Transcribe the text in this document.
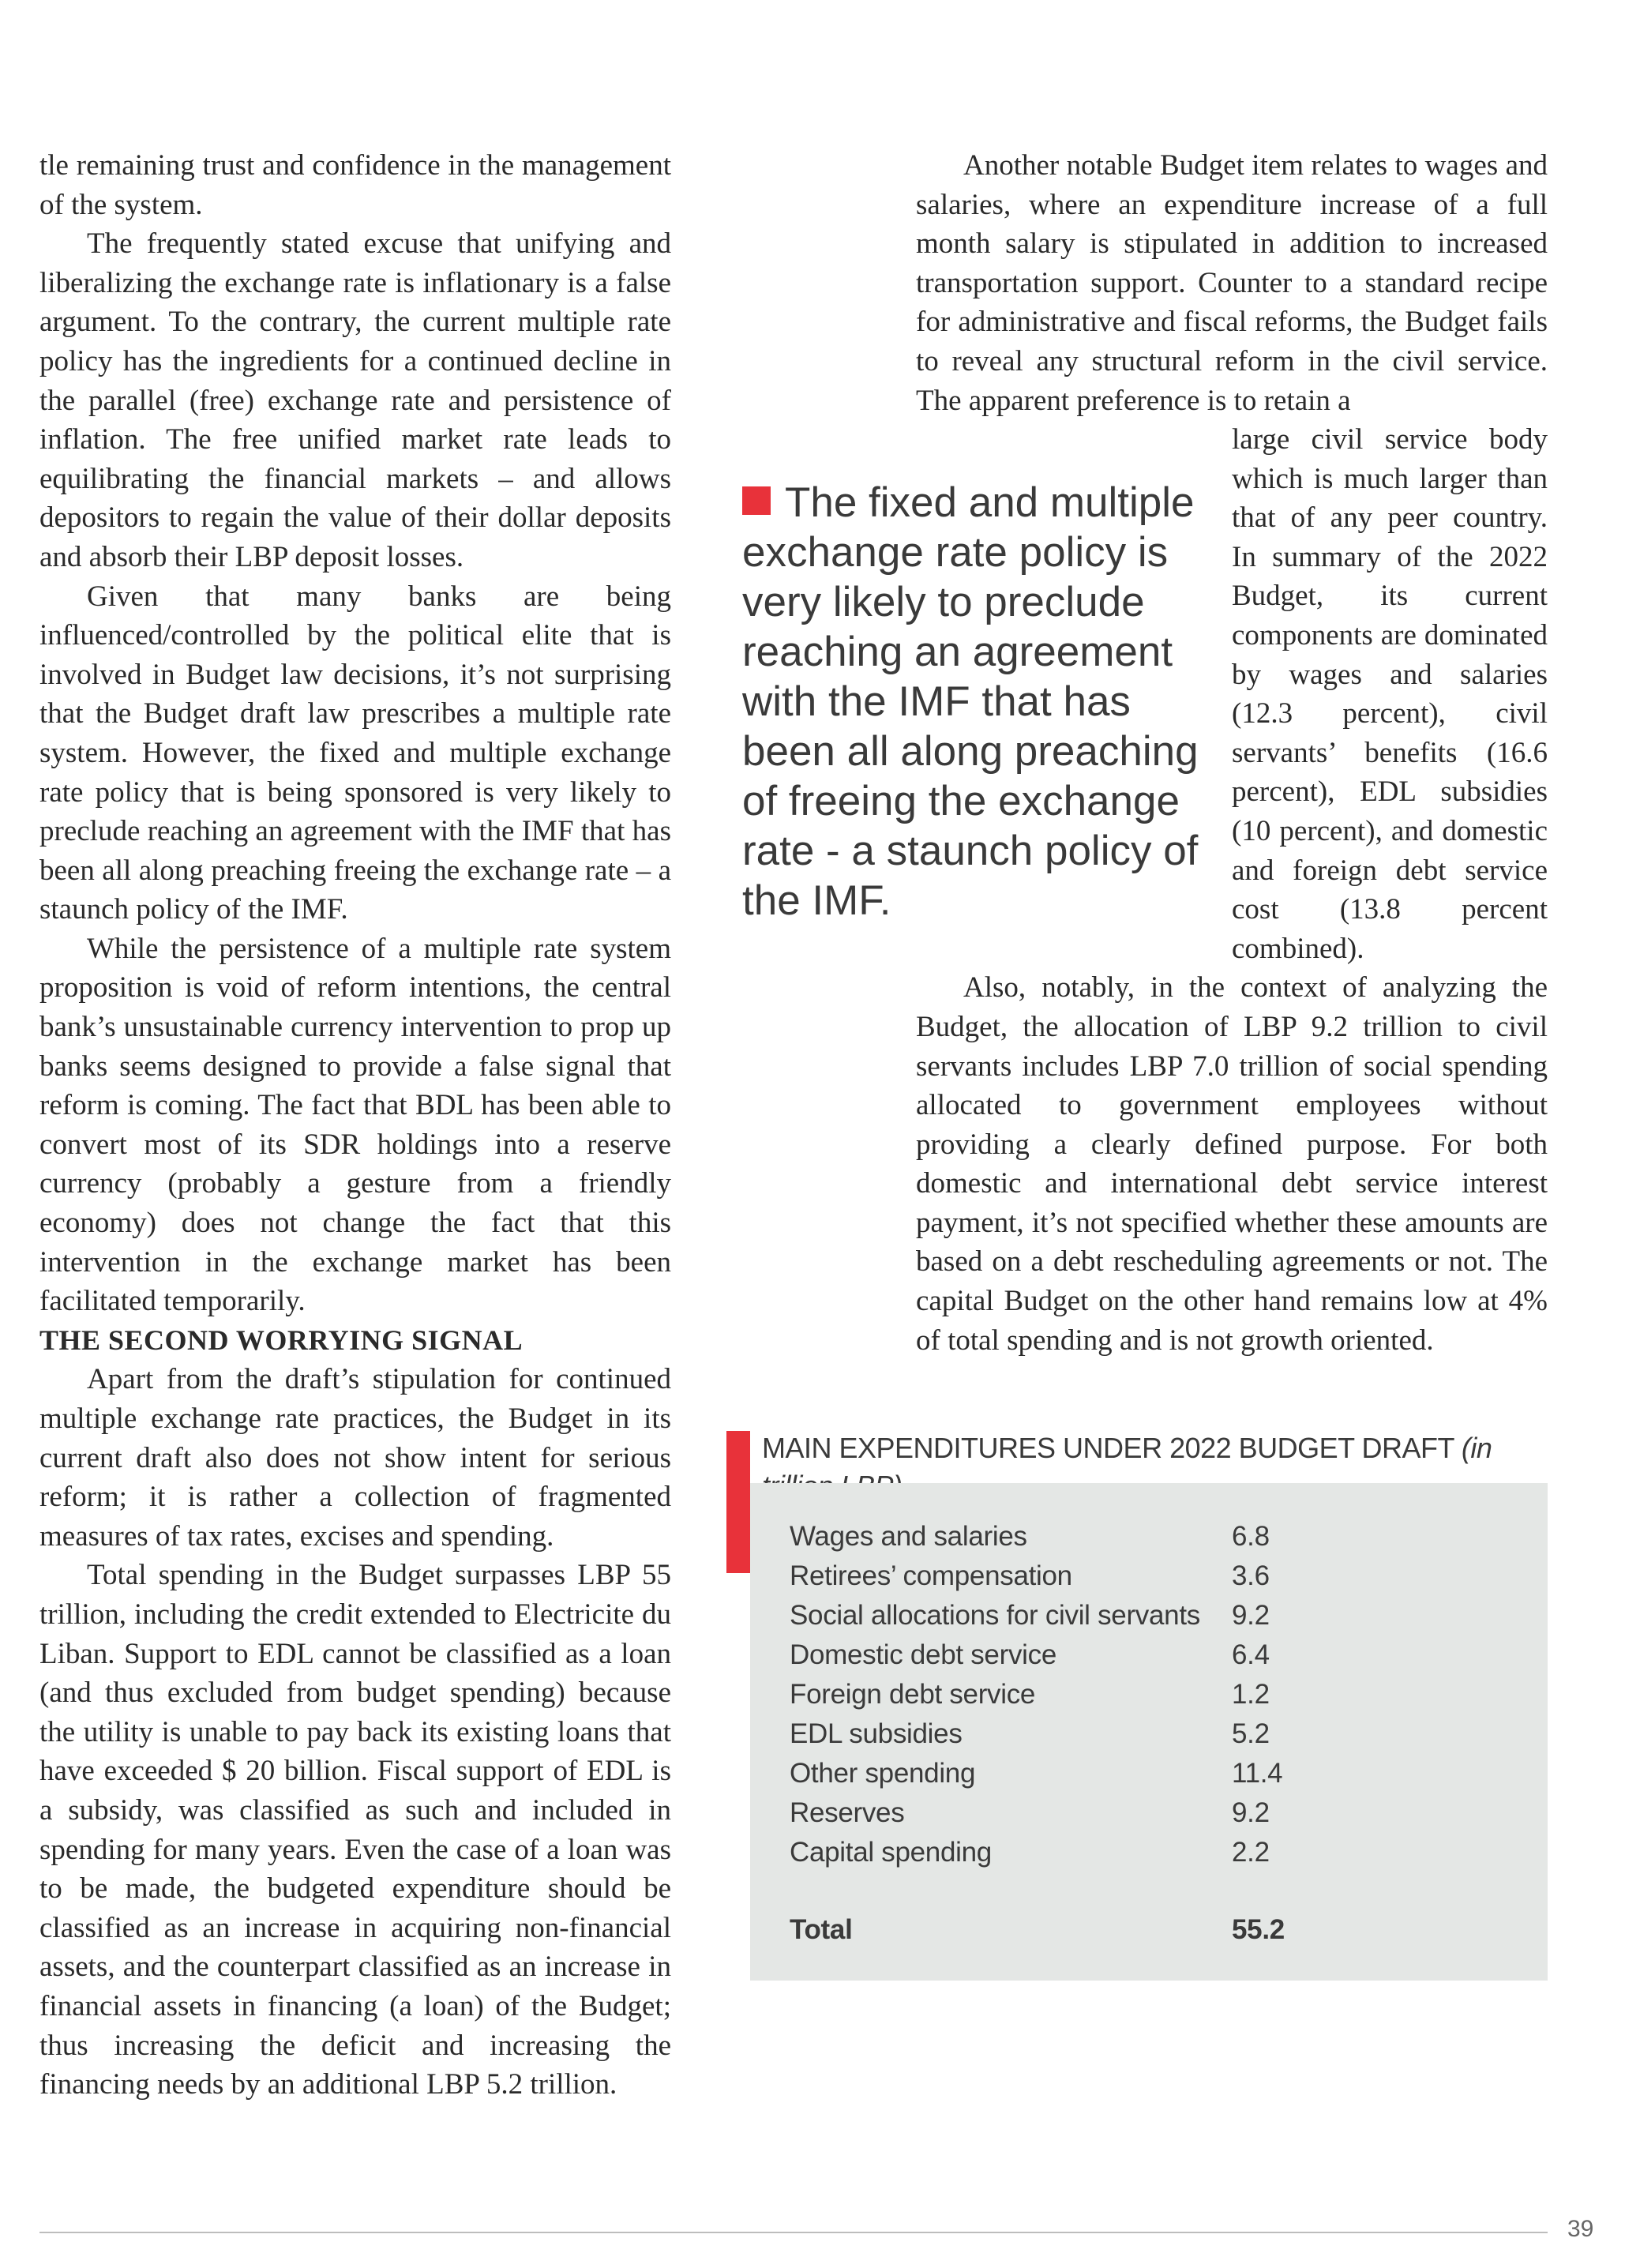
tle remaining trust and confidence in the management of the system.

The frequently stated excuse that unifying and liberalizing the exchange rate is inflationary is a false argument. To the contrary, the current multiple rate policy has the ingredients for a continued decline in the parallel (free) exchange rate and persistence of inflation. The free unified market rate leads to equilibrating the financial markets – and allows depositors to regain the value of their dollar deposits and absorb their LBP deposit losses.

Given that many banks are being influenced/controlled by the political elite that is involved in Budget law decisions, it’s not surprising that the Budget draft law prescribes a multiple rate system. However, the fixed and multiple exchange rate policy that is being sponsored is very likely to preclude reaching an agreement with the IMF that has been all along preaching freeing the exchange rate – a staunch policy of the IMF.

While the persistence of a multiple rate system proposition is void of reform intentions, the central bank’s unsustainable currency intervention to prop up banks seems designed to provide a false signal that reform is coming. The fact that BDL has been able to convert most of its SDR holdings into a reserve currency (probably a gesture from a friendly economy) does not change the fact that this intervention in the exchange market has been facilitated temporarily.

THE SECOND WORRYING SIGNAL

Apart from the draft’s stipulation for continued multiple exchange rate practices, the Budget in its current draft also does not show intent for serious reform; it is rather a collection of fragmented measures of tax rates, excises and spending.

Total spending in the Budget surpasses LBP 55 trillion, including the credit extended to Electricite du Liban. Support to EDL cannot be classified as a loan (and thus excluded from budget spending) because the utility is unable to pay back its existing loans that have exceeded $ 20 billion. Fiscal support of EDL is a subsidy, was classified as such and included in spending for many years. Even the case of a loan was to be made, the budgeted expenditure should be classified as an increase in acquiring non-financial assets, and the counterpart classified as an increase in financial assets in financing (a loan) of the Budget; thus increasing the deficit and increasing the financing needs by an additional LBP 5.2 trillion.

Another notable Budget item relates to wages and salaries, where an expenditure increase of a full month salary is stipulated in addition to increased transportation support. Counter to a standard recipe for administrative and fiscal reforms, the Budget fails to reveal any structural reform in the civil service. The apparent preference is to retain a

large civil service body which is much larger than that of any peer country. In summary of the 2022 Budget, its current components are dominated by wages and salaries (12.3 percent), civil servants’ benefits (16.6 percent), EDL subsidies (10 percent), and domestic and foreign debt service cost (13.8 percent combined).

Also, notably, in the context of analyzing the Budget, the allocation of LBP 9.2 trillion to civil servants includes LBP 7.0 trillion of social spending allocated to government employees without providing a clearly defined purpose. For both domestic and international debt service interest payment, it’s not specified whether these amounts are based on a debt rescheduling agreements or not. The capital Budget on the other hand remains low at 4% of total spending and is not growth oriented.

The fixed and multiple exchange rate policy is very likely to preclude reaching an agreement with the IMF that has been all along preaching of freeing the exchange rate - a staunch policy of the IMF.

MAIN EXPENDITURES UNDER 2022 BUDGET DRAFT (in
Wages and salaries	6.8
Retirees’ compensation	3.6
Social allocations for civil servants 9.2
Domestic debt service	6.4
Foreign debt service	1.2
EDL subsidies	5.2
Other spending	11.4
Reserves	9.2
Capital spending	2.2
Total	55.2
39
